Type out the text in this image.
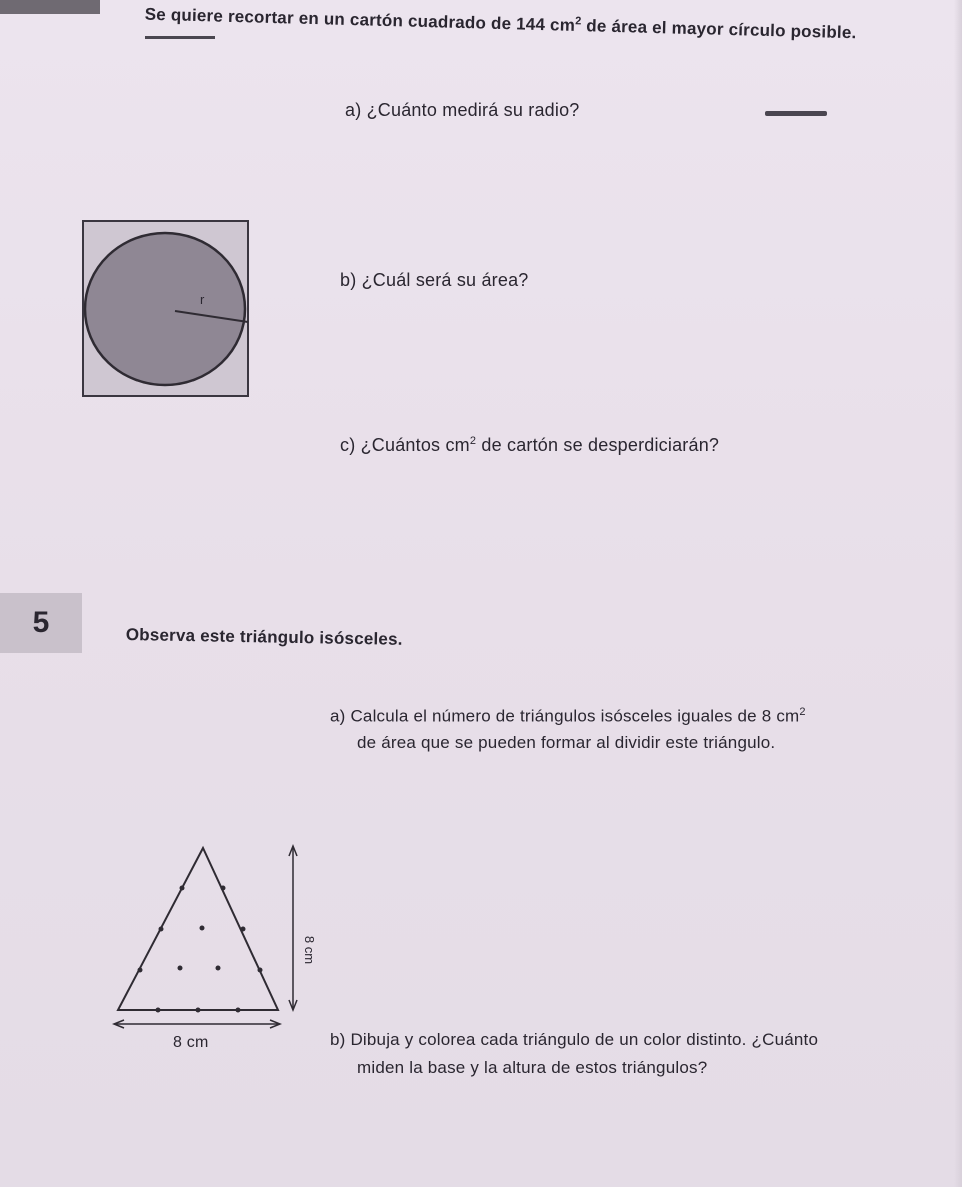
Se quiere recortar en un cartón cuadrado de 144 $cm^2$ de área el mayor círculo posible.
a) ¿Cuánto medirá su radio?
r
b) ¿Cuál será su área?
c) ¿Cuántos $cm^2$ de cartón se desperdiciarán?
5	Observa este triángulo isósceles.
a) Calcula el número de triángulos isósceles iguales de 8 $cm^2$
de área que se pueden formar al dividir este triángulo.
8 cm
8 cm	b) Dibuja y colorea cada triángulo de un color distinto. ¿Cuánto
miden la base y la altura de estos triángulos?
